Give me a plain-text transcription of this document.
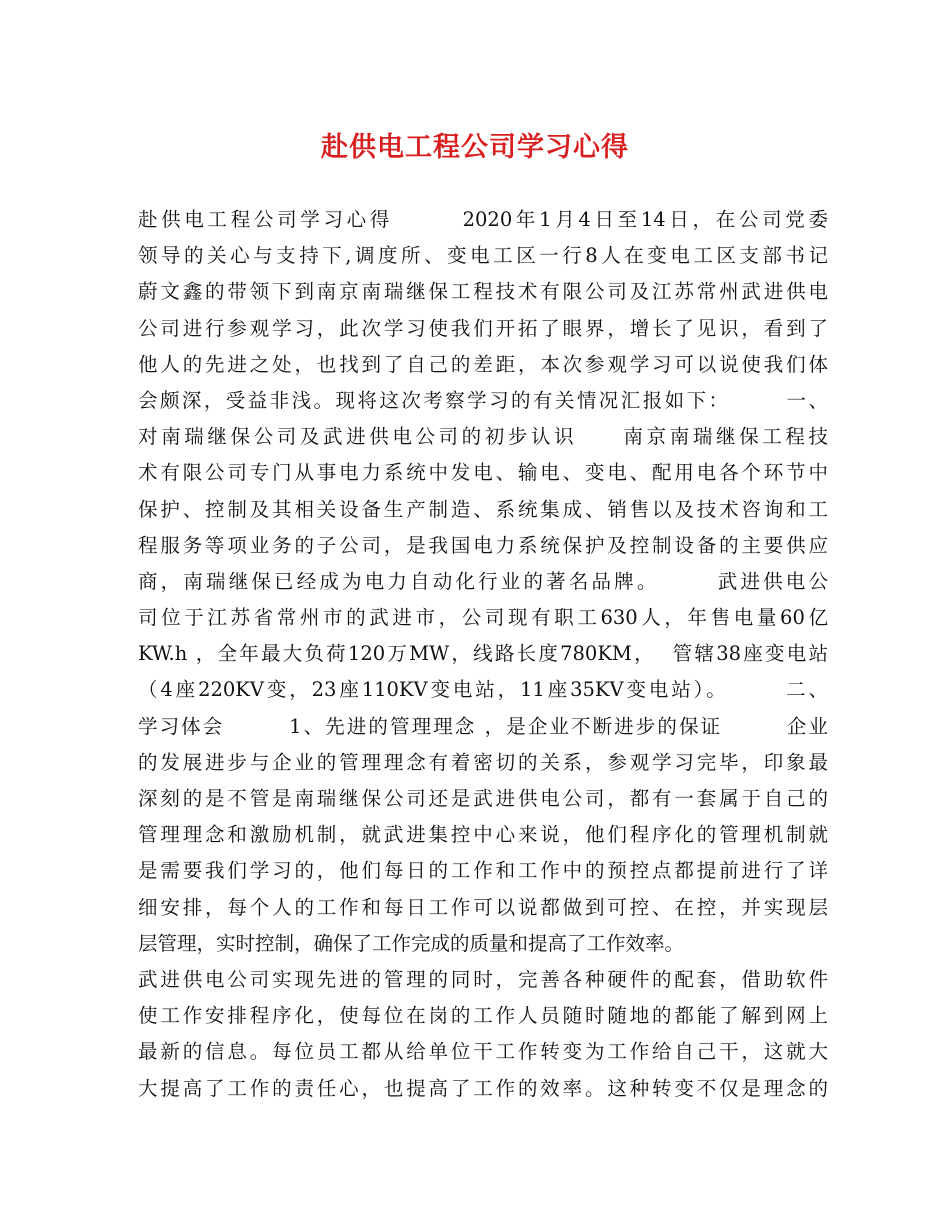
赴供电工程公司学习心得
赴供电工程公司学习心得　　　2020年1月4日至14日，在公司党委
领导的关心与支持下,调度所、变电工区一行8人在变电工区支部书记
蔚文鑫的带领下到南京南瑞继保工程技术有限公司及江苏常州武进供电
公司进行参观学习，此次学习使我们开拓了眼界，增长了见识，看到了
他人的先进之处，也找到了自己的差距，本次参观学习可以说使我们体
会颇深，受益非浅。现将这次考察学习的有关情况汇报如下：　　　一、
对南瑞继保公司及武进供电公司的初步认识　　南京南瑞继保工程技
术有限公司专门从事电力系统中发电、输电、变电、配用电各个环节中
保护、控制及其相关设备生产制造、系统集成、销售以及技术咨询和工
程服务等项业务的子公司，是我国电力系统保护及控制设备的主要供应
商，南瑞继保已经成为电力自动化行业的著名品牌。　　　武进供电公
司位于江苏省常州市的武进市，公司现有职工630人，年售电量60亿
KW.h ，全年最大负荷120万MW，线路长度780KM，  管辖38座变电站
（4座220KV变，23座110KV变电站，11座35KV变电站）。　　　二、
学习体会　　　1、先进的管理理念 ，是企业不断进步的保证　　　企业
的发展进步与企业的管理理念有着密切的关系，参观学习完毕，印象最
深刻的是不管是南瑞继保公司还是武进供电公司，都有一套属于自己的
管理理念和激励机制，就武进集控中心来说，他们程序化的管理机制就
是需要我们学习的，他们每日的工作和工作中的预控点都提前进行了详
细安排，每个人的工作和每日工作可以说都做到可控、在控，并实现层
层管理，实时控制，确保了工作完成的质量和提高了工作效率。
武进供电公司实现先进的管理的同时，完善各种硬件的配套，借助软件
使工作安排程序化，使每位在岗的工作人员随时随地的都能了解到网上
最新的信息。每位员工都从给单位干工作转变为工作给自己干，这就大
大提高了工作的责任心，也提高了工作的效率。这种转变不仅是理念的
